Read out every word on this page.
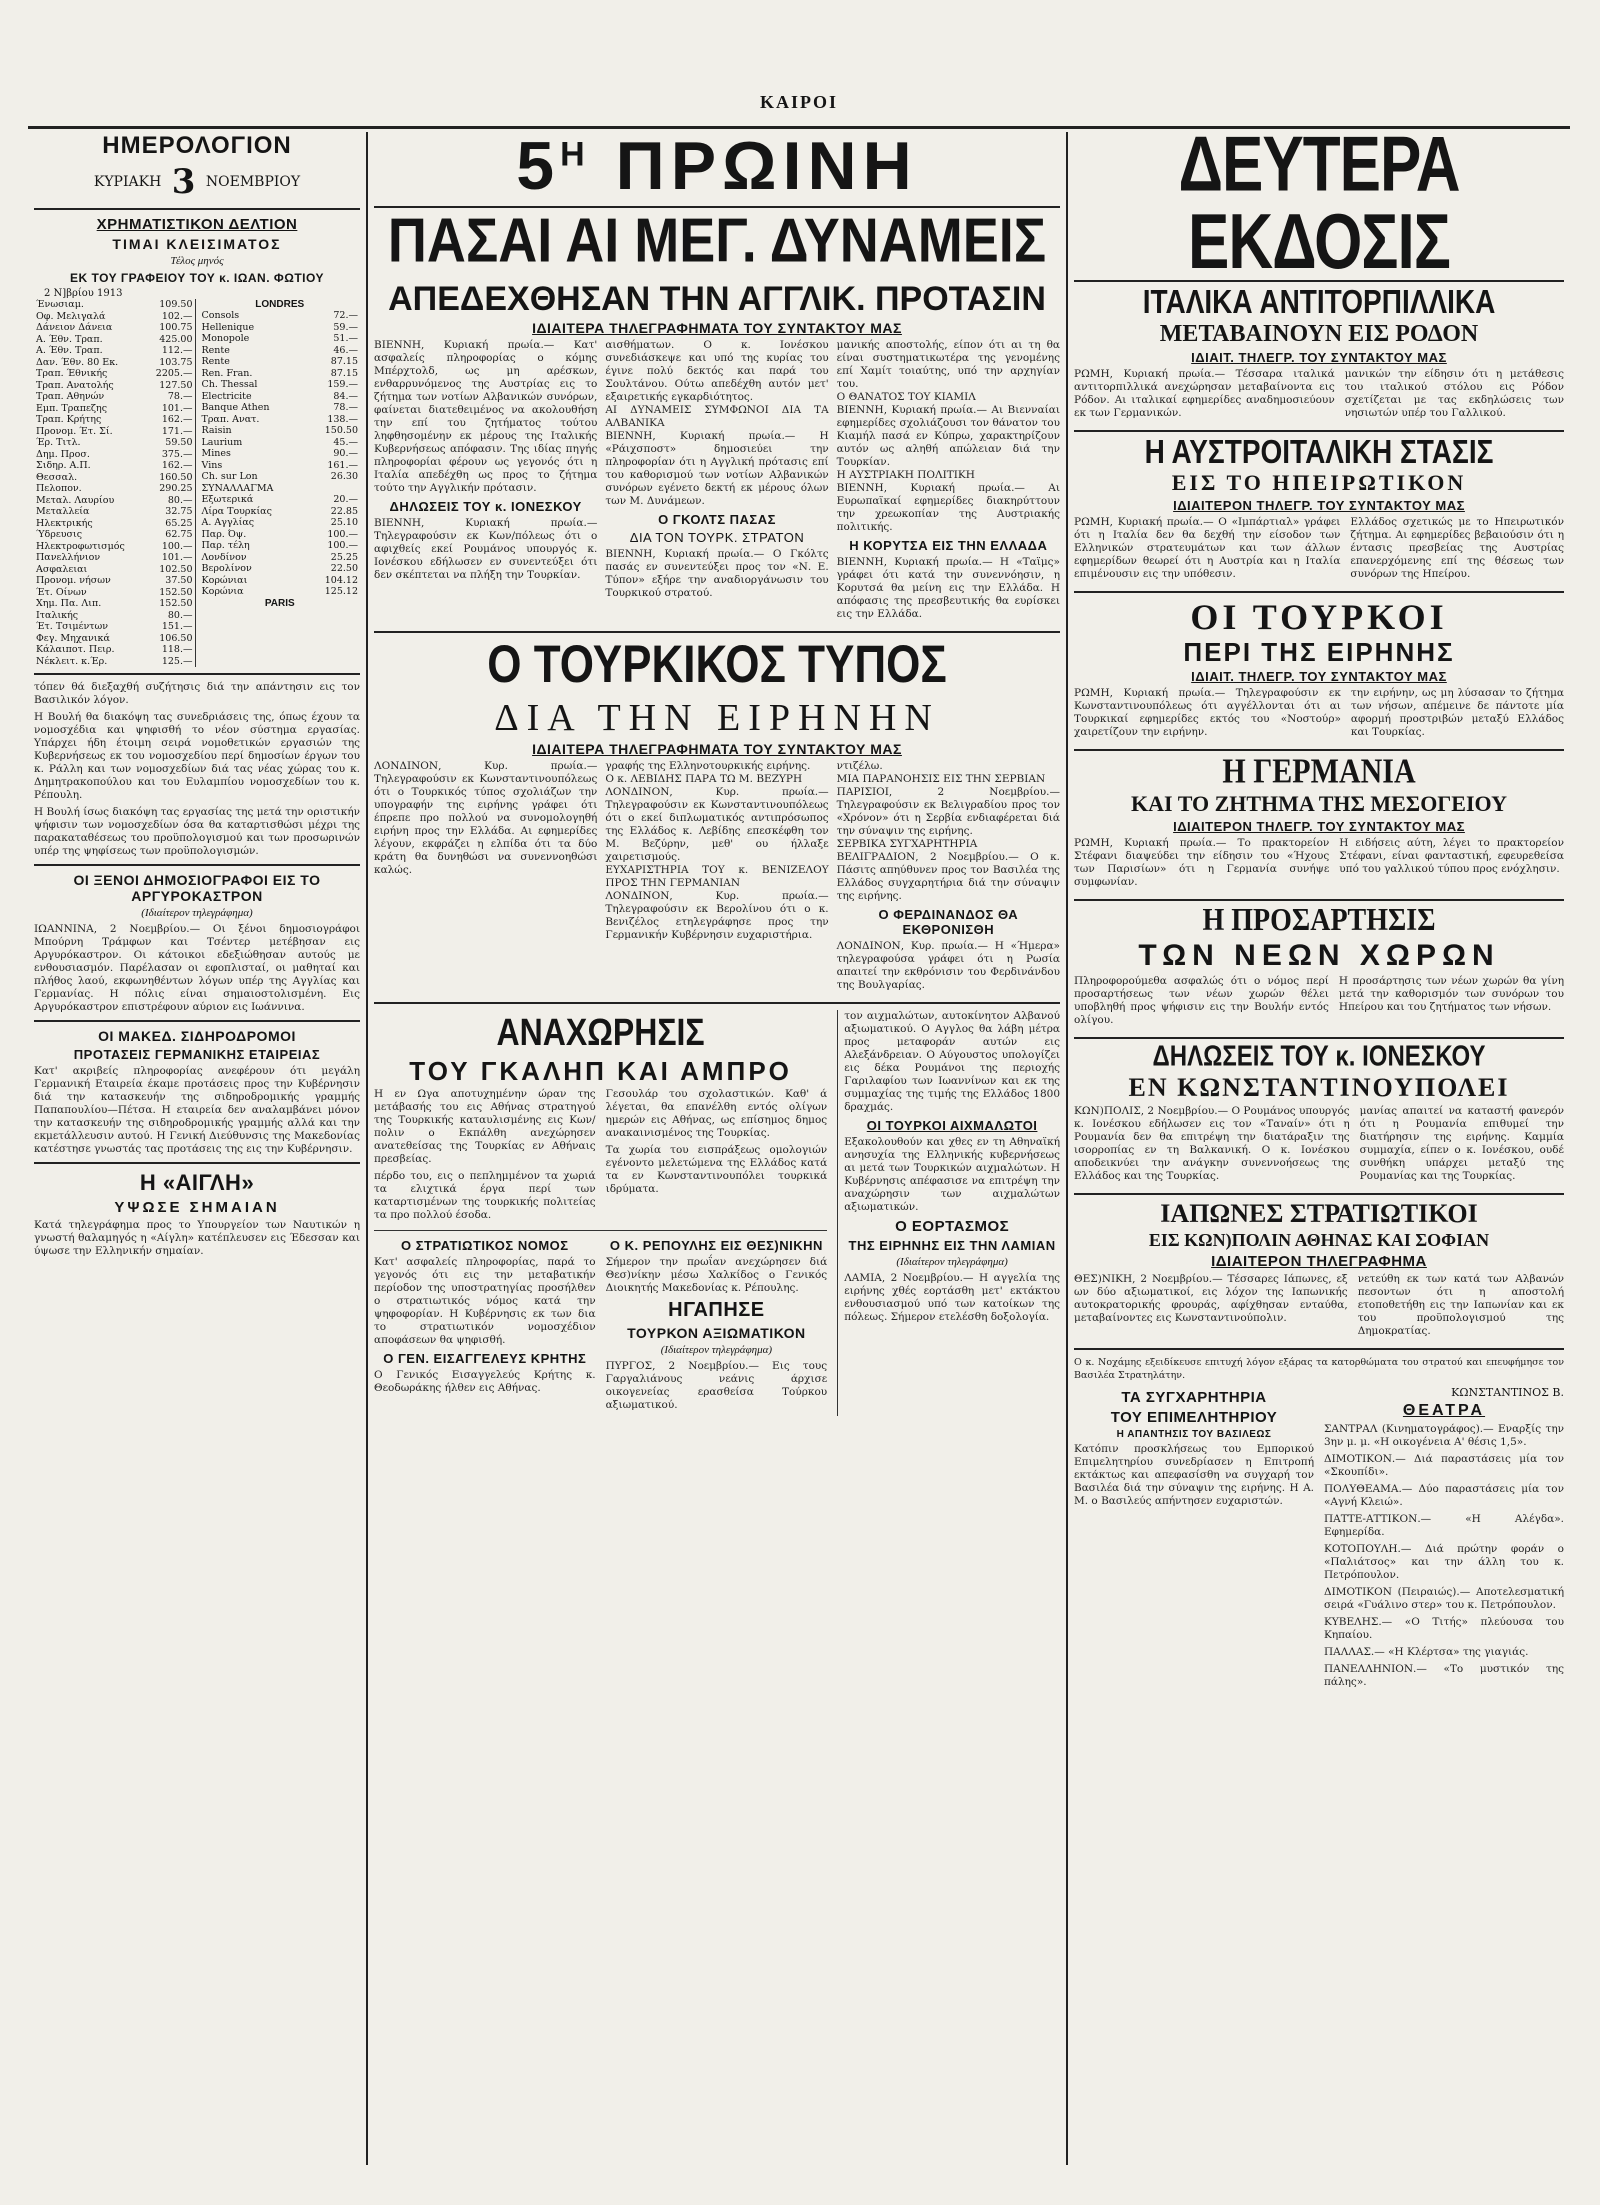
ΚΑΙΡΟΙ
ΗΜΕΡΟΛΟΓΙΟΝ
ΚΥΡΙΑΚΗ 3 ΝΟΕΜΒΡΙΟΥ
ΧΡΗΜΑΤΙΣΤΙΚΟΝ ΔΕΛΤΙΟΝ
ΤΙΜΑΙ ΚΛΕΙΣΙΜΑΤΟΣ
Τέλος μηνός
ΕΚ ΤΟΥ ΓΡΑΦΕΙΟΥ ΤΟΥ κ. ΙΩΑΝ. ΦΩΤΙΟΥ
2 Ν]βρίου 1913
Ένωσιαμ.	109.50
Οφ. Μελιγαλά	102.—
Δάνειον Δάνεια	100.75
Α. Έθν. Τραπ.	425.00
Α. Έθν. Τραπ.	112.—
Δαν. Έθν. 80 Εκ.	103.75
Τραπ. Έθνικής	2205.—
Τραπ. Ανατολής	127.50
Τραπ. Αθηνών	78.—
Εμπ. Τραπεζης	101.—
Τραπ. Κρήτης	162.—
Προνομ. Έτ. Σί.	171.—
Έρ. Τιτλ.	59.50
Δημ. Προσ.	375.—
Σιδηρ. Α.Π.	162.—
Θεσσαλ.	160.50
Πελοπον.	290.25
Μεταλ. Λαυρίου	80.—
Μεταλλεία	32.75
Ηλεκτρικής	65.25
Ύδρευσις	62.75
Ηλεκτροφωτισμός	100.—
Πανελλήνιον	101.—
Ασφαλειαι	102.50
Προνομ. νήσων	37.50
Έτ. Οίνων	152.50
Χημ. Πα. Λιπ.	152.50
Ιταλικής	80.—
Έτ. Τσιμέντων	151.—
Φεγ. Μηχανικά	106.50
Κάλαιποτ. Πειρ.	118.—
Νέκλειτ. κ.Έρ.	125.—
LONDRES
Consols	72.—
Hellenique	59.—
Monopole	51.—
Rente	46.—
Rente	87.15
Ren. Fran.	87.15
Ch. Thessal	159.—
Electricite	84.—
Banque Athen	78.—
Τραπ. Ανατ.	138.—
Raisin	150.50
Laurium	45.—
Mines	90.—
Vins	161.—
Ch. sur Lon	26.30
ΣΥΝΑΛΛΑΓΜΑ	
Εξωτερικά	20.—
Λίρα Τουρκίας	22.85
Α. Αγγλίας	25.10
Παρ. Όψ.	100.—
Παρ. τέλη	100.—
Λονδίνον	25.25
Βερολίνον	22.50
Κορώνιαι	104.12
Κορώνια	125.12
PARIS

τόπεν θά διεξαχθή συζήτησις διά την απάντησιν εις τον Βασιλικόν λόγον.

Η Βουλή θα διακόψη τας συνεδριάσεις της, όπως έχουν τα νομοσχέδια και ψηφισθή το νέον σύστημα εργασίας. Υπάρχει ήδη έτοιμη σειρά νομοθετικών εργασιών της Κυβερνήσεως εκ του νομοσχεδίου περί δημοσίων έργων του κ. Ράλλη και των νομοσχεδίων διά τας νέας χώρας του κ. Δημητρακοπούλου και του Ευλαμπίου νομοσχεδίων του κ. Ρέπουλη.

Η Βουλή ίσως διακόψη τας εργασίας της μετά την οριστικήν ψήφισιν των νομοσχεδίων όσα θα καταρτισθώσι μέχρι της παρακαταθέσεως του προϋπολογισμού και των προσωρινών υπέρ της ψηφίσεως των προϋπολογισμών.

ΟΙ ΞΕΝΟΙ ΔΗΜΟΣΙΟΓΡΑΦΟΙ ΕΙΣ ΤΟ ΑΡΓΥΡΟΚΑΣΤΡΟΝ
(Ιδιαίτερον τηλεγράφημα)

ΙΩΑΝΝΙΝΑ, 2 Νοεμβρίου.— Οι ξένοι δημοσιογράφοι Μπούρνη Τράμφων και Τσέντερ μετέβησαν εις Αργυρόκαστρον. Οι κάτοικοι εδεξιώθησαν αυτούς με ενθουσιασμόν. Παρέλασαν οι εφοπλισταί, οι μαθηταί και πλήθος λαού, εκφωνηθέντων λόγων υπέρ της Αγγλίας και Γερμανίας. Η πόλις είναι σημαιοστολισμένη. Εις Αργυρόκαστρον επιστρέφουν αύριον εις Ιωάννινα.

ΟΙ ΜΑΚΕΔ. ΣΙΔΗΡΟΔΡΟΜΟΙ
ΠΡΟΤΑΣΕΙΣ ΓΕΡΜΑΝΙΚΗΣ ΕΤΑΙΡΕΙΑΣ

Κατ' ακριβείς πληροφορίας ανεφέρουν ότι μεγάλη Γερμανική Εταιρεία έκαμε προτάσεις προς την Κυβέρνησιν διά την κατασκευήν της σιδηροδρομικής γραμμής Παπαπουλίου—Πέτσα. Η εταιρεία δεν αναλαμβάνει μόνον την κατασκευήν της σιδηροδρομικής γραμμής αλλά και την εκμετάλλευσιν αυτού. Η Γενική Διεύθυνσις της Μακεδονίας κατέστησε γνωστάς τας προτάσεις της εις την Κυβέρνησιν.

Η «ΑΙΓΛΗ»
ΥΨΩΣΕ ΣΗΜΑΙΑΝ

Κατά τηλεγράφημα προς το Υπουργείον των Ναυτικών η γνωστή θαλαμηγός η «Αίγλη» κατέπλευσεν εις Έδεσσαν και ύψωσε την Ελληνικήν σημαίαν.

$5^H$ ΠΡΩΙΝΗ
ΠΑΣΑΙ ΑΙ ΜΕΓ. ΔΥΝΑΜΕΙΣ
ΑΠΕΔΕΧΘΗΣΑΝ ΤΗΝ ΑΓΓΛΙΚ. ΠΡΟΤΑΣΙΝ
ΙΔΙΑΙΤΕΡΑ ΤΗΛΕΓΡΑΦΗΜΑΤΑ ΤΟΥ ΣΥΝΤΑΚΤΟΥ ΜΑΣ

ΒΙΕΝΝΗ, Κυριακή πρωία.— Κατ' ασφαλείς πληροφορίας ο κόμης Μπέρχτολδ, ως μη αρέσκων, ενθαρρυνόμενος της Αυστρίας εις το ζήτημα των νοτίων Αλβανικών συνόρων, φαίνεται διατεθειμένος να ακολουθήση την επί του ζητήματος τούτου ληφθησομένην εκ μέρους της Ιταλικής Κυβερνήσεως απόφασιν. Της ιδίας πηγής πληροφορίαι φέρουν ως γεγονός ότι η Ιταλία απεδέχθη ως προς το ζήτημα τούτο την Αγγλικήν πρότασιν.

ΔΗΛΩΣΕΙΣ ΤΟΥ κ. ΙΟΝΕΣΚΟΥ

ΒΙΕΝΝΗ, Κυριακή πρωία.— Τηλεγραφούσιν εκ Κων/πόλεως ότι ο αφιχθείς εκεί Ρουμάνος υπουργός κ. Ιονέσκου εδήλωσεν εν συνεντεύξει ότι δεν σκέπτεται να πλήξη την Τουρκίαν.

αισθήματων. Ο κ. Ιονέσκου συνεδιάσκεψε και υπό της κυρίας του έγινε πολύ δεκτός και παρά του Σουλτάνου. Ούτω απεδέχθη αυτόν μετ' εξαιρετικής εγκαρδιότητος.
ΑΙ ΔΥΝΑΜΕΙΣ ΣΥΜΦΩΝΟΙ ΔΙΑ ΤΑ ΑΛΒΑΝΙΚΑ
ΒΙΕΝΝΗ, Κυριακή πρωία.— Η «Ράιχσποστ» δημοσιεύει την πληροφορίαν ότι η Αγγλική πρότασις επί του καθορισμού των νοτίων Αλβανικών συνόρων εγένετο δεκτή εκ μέρους όλων των Μ. Δυνάμεων.

Ο ΓΚΟΛΤΣ ΠΑΣΑΣ
ΔΙΑ ΤΟΝ ΤΟΥΡΚ. ΣΤΡΑΤΟΝ

ΒΙΕΝΝΗ, Κυριακή πρωία.— Ο Γκόλτς πασάς εν συνεντεύξει προς τον «Ν. Ε. Τύπον» εξήρε την αναδιοργάνωσιν του Τουρκικού στρατού.

μανικής αποστολής, είπον ότι αι τη θα είναι συστηματικωτέρα της γενομένης επί Χαμίτ τοιαύτης, υπό την αρχηγίαν του.
Ο ΘΑΝΑΤΟΣ ΤΟΥ ΚΙΑΜΙΛ
ΒΙΕΝΝΗ, Κυριακή πρωία.— Αι Βιενναίαι εφημερίδες σχολιάζουσι τον θάνατον του Κιαμήλ πασά εν Κύπρω, χαρακτηρίζουν αυτόν ως αληθή απώλειαν διά την Τουρκίαν.
Η ΑΥΣΤΡΙΑΚΗ ΠΟΛΙΤΙΚΗ
ΒΙΕΝΝΗ, Κυριακή πρωία.— Αι Ευρωπαϊκαί εφημερίδες διακηρύττουν την χρεωκοπίαν της Αυστριακής πολιτικής.

Η ΚΟΡΥΤΣΑ ΕΙΣ ΤΗΝ ΕΛΛΑΔΑ

ΒΙΕΝΝΗ, Κυριακή πρωία.— Η «Ταϊμς» γράφει ότι κατά την συνεννόησιν, η Κορυτσά θα μείνη εις την Ελλάδα. Η απόφασις της πρεσβευτικής θα ευρίσκει εις την Ελλάδα.

Ο ΤΟΥΡΚΙΚΟΣ ΤΥΠΟΣ
ΔΙΑ ΤΗΝ ΕΙΡΗΝΗΝ
ΙΔΙΑΙΤΕΡΑ ΤΗΛΕΓΡΑΦΗΜΑΤΑ ΤΟΥ ΣΥΝΤΑΚΤΟΥ ΜΑΣ

ΛΟΝΔΙΝΟΝ, Κυρ. πρωία.— Τηλεγραφούσιν εκ Κωνσταντινουπόλεως ότι ο Τουρκικός τύπος σχολιάζων την υπογραφήν της ειρήνης γράφει ότι έπρεπε προ πολλού να συνομολογηθή ειρήνη προς την Ελλάδα. Αι εφημερίδες λέγουν, εκφράζει η ελπίδα ότι τα δύο κράτη θα δυνηθώσι να συνεννοηθώσι καλώς.

γραφής της Ελληνοτουρκικής ειρήνης.
Ο κ. ΛΕΒΙΔΗΣ ΠΑΡΑ ΤΩ Μ. ΒΕΖΥΡΗ
ΛΟΝΔΙΝΟΝ, Κυρ. πρωία.— Τηλεγραφούσιν εκ Κωνσταντινουπόλεως ότι ο εκεί διπλωματικός αντιπρόσωπος της Ελλάδος κ. Λεβίδης επεσκέφθη τον Μ. Βεζύρην, μεθ' ου ήλλαξε χαιρετισμούς.
ΕΥΧΑΡΙΣΤΗΡΙΑ ΤΟΥ κ. ΒΕΝΙΖΕΛΟΥ ΠΡΟΣ ΤΗΝ ΓΕΡΜΑΝΙΑΝ
ΛΟΝΔΙΝΟΝ, Κυρ. πρωία.— Τηλεγραφούσιν εκ Βερολίνου ότι ο κ. Βενιζέλος ετηλεγράφησε προς την Γερμανικήν Κυβέρνησιν ευχαριστήρια.

ντιζέλω.
ΜΙΑ ΠΑΡΑΝΟΗΣΙΣ ΕΙΣ ΤΗΝ ΣΕΡΒΙΑΝ
ΠΑΡΙΣΙΟΙ, 2 Νοεμβρίου.— Τηλεγραφούσιν εκ Βελιγραδίου προς τον «Χρόνον» ότι η Σερβία ενδιαφέρεται διά την σύναψιν της ειρήνης.
ΣΕΡΒΙΚΑ ΣΥΓΧΑΡΗΤΗΡΙΑ
ΒΕΛΙΓΡΑΔΙΟΝ, 2 Νοεμβρίου.— Ο κ. Πάσιτς απηύθυνεν προς τον Βασιλέα της Ελλάδος συγχαρητήρια διά την σύναψιν της ειρήνης.

Ο ΦΕΡΔΙΝΑΝΔΟΣ ΘΑ ΕΚΘΡΟΝΙΣΘΗ

ΛΟΝΔΙΝΟΝ, Κυρ. πρωία.— Η «Ήμερα» τηλεγραφούσα γράφει ότι η Ρωσία απαιτεί την εκθρόνισιν του Φερδινάνδου της Βουλγαρίας.

ΑΝΑΧΩΡΗΣΙΣ
ΤΟΥ ΓΚΑΛΗΠ ΚΑΙ ΑΜΠΡΟ

Η εν Ωγα αποτυχημένην ώραν της μετάβασής του εις Αθήνας στρατηγού της Τουρκικής καταυλισμένης εις Κων/πολιν ο Εκπάλθη ανεχώρησεν ανατεθείσας της Τουρκίας εν Αθήναις πρεσβείας.

πέρδο του, εις ο πεπλημμένον τα χωριά τα ελιχτικά έργα περί των καταρτισμένων της τουρκικής πολιτείας τα προ πολλού έσοδα.

Γεσουλάρ του σχολαστικών. Καθ' ά λέγεται, θα επανέλθη εντός ολίγων ημερών εις Αθήνας, ως επίσημος δημος ανακαινισμένος της Τουρκίας.

Τα χωρία του εισπράξεως ομολογιών εγένοντο μελετώμενα της Ελλάδος κατά τα εν Κωνσταντινουπόλει τουρκικά ιδρύματα.

Ο ΣΤΡΑΤΙΩΤΙΚΟΣ ΝΟΜΟΣ

Κατ' ασφαλείς πληροφορίας, παρά το γεγονός ότι εις την μεταβατικήν περίοδον της υποστρατηγίας προσήλθεν ο στρατιωτικός νόμος κατά την ψηφοφορίαν. Η Κυβέρνησις εκ των δια το στρατιωτικόν νομοσχέδιον αποφάσεων θα ψηφισθή.

Ο ΓΕΝ. ΕΙΣΑΓΓΕΛΕΥΣ ΚΡΗΤΗΣ

Ο Γενικός Εισαγγελεύς Κρήτης κ. Θεοδωράκης ήλθεν εις Αθήνας.

Ο Κ. ΡΕΠΟΥΛΗΣ ΕΙΣ ΘΕΣ)ΝΙΚΗΝ

Σήμερον την πρωΐαν ανεχώρησεν διά Θεσ)νίκην μέσω Χαλκίδος ο Γενικός Διοικητής Μακεδονίας κ. Ρέπουλης.

ΗΓΑΠΗΣΕ
ΤΟΥΡΚΟΝ ΑΞΙΩΜΑΤΙΚΟΝ
(Ιδιαίτερον τηλεγράφημα)

ΠΥΡΓΟΣ, 2 Νοεμβρίου.— Εις τους Γαργαλιάνους νεάνις άρχισε οικογενείας ερασθείσα Τούρκου αξιωματικού.

τον αιχμαλώτων, αυτοκίνητον Αλβανού αξιωματικού. Ο Αγγλος θα λάβη μέτρα προς μεταφοράν αυτών εις Αλεξάνδρειαν. Ο Αύγουστος υπολογίζει εις δέκα Ρουμάνοι της περιοχής Γαριλαφίου των Ιωαννίνων και εκ της συμμαχίας της τιμής της Ελλάδος 1800 δραχμάς.

ΟΙ ΤΟΥΡΚΟΙ ΑΙΧΜΑΛΩΤΟΙ

Εξακολουθούν και χθες εν τη Αθηναϊκή ανησυχία της Ελληνικής κυβερνήσεως αι μετά των Τουρκικών αιχμαλώτων. Η Κυβέρνησις απέφασισε να επιτρέψη την αναχώρησιν των αιχμαλώτων αξιωματικών.

Ο ΕΟΡΤΑΣΜΟΣ
ΤΗΣ ΕΙΡΗΝΗΣ ΕΙΣ ΤΗΝ ΛΑΜΙΑΝ
(Ιδιαίτερον τηλεγράφημα)

ΛΑΜΙΑ, 2 Νοεμβρίου.— Η αγγελία της ειρήνης χθές εορτάσθη μετ' εκτάκτου ενθουσιασμού υπό των κατοίκων της πόλεως. Σήμερον ετελέσθη δοξολογία.

ΔΕΥΤΕΡΑ ΕΚΔΟΣΙΣ
ΙΤΑΛΙΚΑ ΑΝΤΙΤΟΡΠΙΛΛΙΚΑ
ΜΕΤΑΒΑΙΝΟΥΝ ΕΙΣ ΡΟΔΟΝ
ΙΔΙΑΙΤ. ΤΗΛΕΓΡ. ΤΟΥ ΣΥΝΤΑΚΤΟΥ ΜΑΣ

ΡΩΜΗ, Κυριακή πρωία.— Τέσσαρα ιταλικά αντιτορπιλλικά ανεχώρησαν μεταβαίνοντα εις Ρόδον. Αι ιταλικαί εφημερίδες αναδημοσιεύουν εκ των Γερμανικών.

μανικών την είδησιν ότι η μετάθεσις του ιταλικού στόλου εις Ρόδον σχετίζεται με τας εκδηλώσεις των νησιωτών υπέρ του Γαλλικού.

Η ΑΥΣΤΡΟΙΤΑΛΙΚΗ ΣΤΑΣΙΣ
ΕΙΣ ΤΟ ΗΠΕΙΡΩΤΙΚΟΝ
ΙΔΙΑΙΤΕΡΟΝ ΤΗΛΕΓΡ. ΤΟΥ ΣΥΝΤΑΚΤΟΥ ΜΑΣ

ΡΩΜΗ, Κυριακή πρωία.— Ο «Ιμπάρτιαλ» γράφει ότι η Ιταλία δεν θα δεχθή την είσοδον των Ελληνικών στρατευμάτων και των άλλων εφημερίδων θεωρεί ότι η Αυστρία και η Ιταλία επιμένουσιν εις την υπόθεσιν.

Ελλάδος σχετικώς με το Ηπειρωτικόν ζήτημα. Αι εφημερίδες βεβαιούσιν ότι η έντασις πρεσβείας της Αυστρίας επανερχόμενης επί της θέσεως των συνόρων της Ηπείρου.

ΟΙ ΤΟΥΡΚΟΙ
ΠΕΡΙ ΤΗΣ ΕΙΡΗΝΗΣ
ΙΔΙΑΙΤ. ΤΗΛΕΓΡ. ΤΟΥ ΣΥΝΤΑΚΤΟΥ ΜΑΣ

ΡΩΜΗ, Κυριακή πρωία.— Τηλεγραφούσιν εκ Κωνσταντινουπόλεως ότι αγγέλλονται ότι αι Τουρκικαί εφημερίδες εκτός του «Νοστούρ» χαιρετίζουν την ειρήνην.

την ειρήνην, ως μη λύσασαν το ζήτημα των νήσων, απέμεινε δε πάντοτε μία αφορμή προστριβών μεταξύ Ελλάδος και Τουρκίας.

Η ΓΕΡΜΑΝΙΑ
ΚΑΙ ΤΟ ΖΗΤΗΜΑ ΤΗΣ ΜΕΣΟΓΕΙΟΥ
ΙΔΙΑΙΤΕΡΟΝ ΤΗΛΕΓΡ. ΤΟΥ ΣΥΝΤΑΚΤΟΥ ΜΑΣ

ΡΩΜΗ, Κυριακή πρωία.— Το πρακτορείον Στέφανι διαψεύδει την είδησιν του «Ήχους των Παρισίων» ότι η Γερμανία συνήψε συμφωνίαν.

Η ειδήσεις αύτη, λέγει το πρακτορείον Στέφανι, είναι φανταστική, εφευρεθείσα υπό του γαλλικού τύπου προς ενόχλησιν.

Η ΠΡΟΣΑΡΤΗΣΙΣ
ΤΩΝ ΝΕΩΝ ΧΩΡΩΝ

Πληροφορούμεθα ασφαλώς ότι ο νόμος περί προσαρτήσεως των νέων χωρών θέλει υποβληθή προς ψήφισιν εις την Βουλήν εντός ολίγου.

Η προσάρτησις των νέων χωρών θα γίνη μετά την καθορισμόν των συνόρων του Ηπείρου και του ζητήματος των νήσων.

ΔΗΛΩΣΕΙΣ ΤΟΥ κ. ΙΟΝΕΣΚΟΥ
ΕΝ ΚΩΝΣΤΑΝΤΙΝΟΥΠΟΛΕΙ

ΚΩΝ)ΠΟΛΙΣ, 2 Νοεμβρίου.— Ο Ρουμάνος υπουργός κ. Ιονέσκου εδήλωσεν εις τον «Ταναίν» ότι η Ρουμανία δεν θα επιτρέψη την διατάραξιν της ισορροπίας εν τη Βαλκανική. Ο κ. Ιονέσκου αποδεικνύει την ανάγκην συνεννοήσεως της Ελλάδος και της Τουρκίας.

μανίας απαιτεί να καταστή φανερόν ότι η Ρουμανία επιθυμεί την διατήρησιν της ειρήνης. Καμμία συμμαχία, είπεν ο κ. Ιονέσκου, ουδέ συνθήκη υπάρχει μεταξύ της Ρουμανίας και της Τουρκίας.

ΙΑΠΩΝΕΣ ΣΤΡΑΤΙΩΤΙΚΟΙ
ΕΙΣ ΚΩΝ)ΠΟΛΙΝ ΑΘΗΝΑΣ ΚΑΙ ΣΟΦΙΑΝ
ΙΔΙΑΙΤΕΡΟΝ ΤΗΛΕΓΡΑΦΗΜΑ

ΘΕΣ)ΝΙΚΗ, 2 Νοεμβρίου.— Τέσσαρες Ιάπωνες, εξ ων δύο αξιωματικοί, εις λόχον της Ιαπωνικής αυτοκρατορικής φρουράς, αφίχθησαν ενταύθα, μεταβαίνοντες εις Κωνσταντινούπολιν.

νετεύθη εκ των κατά των Αλβανών πεσοντων ότι η αποστολή ετοποθετήθη εις την Ιαπωνίαν και εκ του προϋπολογισμού της Δημοκρατίας.

Ο κ. Νοχάμης εξειδίκευσε επιτυχή λόγον εξάρας τα κατορθώματα του στρατού και επευφήμησε τον Βασιλέα Στρατηλάτην.

ΤΑ ΣΥΓΧΑΡΗΤΗΡΙΑ
ΤΟΥ ΕΠΙΜΕΛΗΤΗΡΙΟΥ
Η ΑΠΑΝΤΗΣΙΣ ΤΟΥ ΒΑΣΙΛΕΩΣ

Κατόπιν προσκλήσεως του Εμπορικού Επιμελητηρίου συνεδρίασεν η Επιτροπή εκτάκτως και απεφασίσθη να συγχαρή τον Βασιλέα διά την σύναψιν της ειρήνης. Η Α. Μ. ο Βασιλεύς απήντησεν ευχαριστών.

ΚΩΝΣΤΑΝΤΙΝΟΣ Β.
ΘΕΑΤΡΑ

ΣΑΝΤΡΑΛ (Κινηματογράφος).— Εναρξίς την 3ην μ. μ. «Η οικογένεια Α' θέσις 1,5».

ΔΙΜΟΤΙΚΟΝ.— Διά παραστάσεις μία τον «Σκουπίδι».

ΠΟΛΥΘΕΑΜΑ.— Δύο παραστάσεις μία τον «Αγνή Κλειώ».

ΠΑΤΤΕ-ΑΤΤΙΚΟΝ.— «Η Αλέγδα». Εφημερίδα.

ΚΟΤΟΠΟΥΛΗ.— Διά πρώτην φοράν ο «Παλιάτσος» και την άλλη του κ. Πετρόπουλον.

ΔΙΜΟΤΙΚΟΝ (Πειραιώς).— Αποτελεσματική σειρά «Γυάλινο στερ» του κ. Πετρόπουλον.

ΚΥΒΕΛΗΣ.— «Ο Τιτής» πλεύουσα του Κηπαίου.

ΠΑΛΛΑΣ.— «Η Κλέρτσα» της γιαγιάς.

ΠΑΝΕΛΛΗΝΙΟΝ.— «Το μυστικόν της πάλης».
